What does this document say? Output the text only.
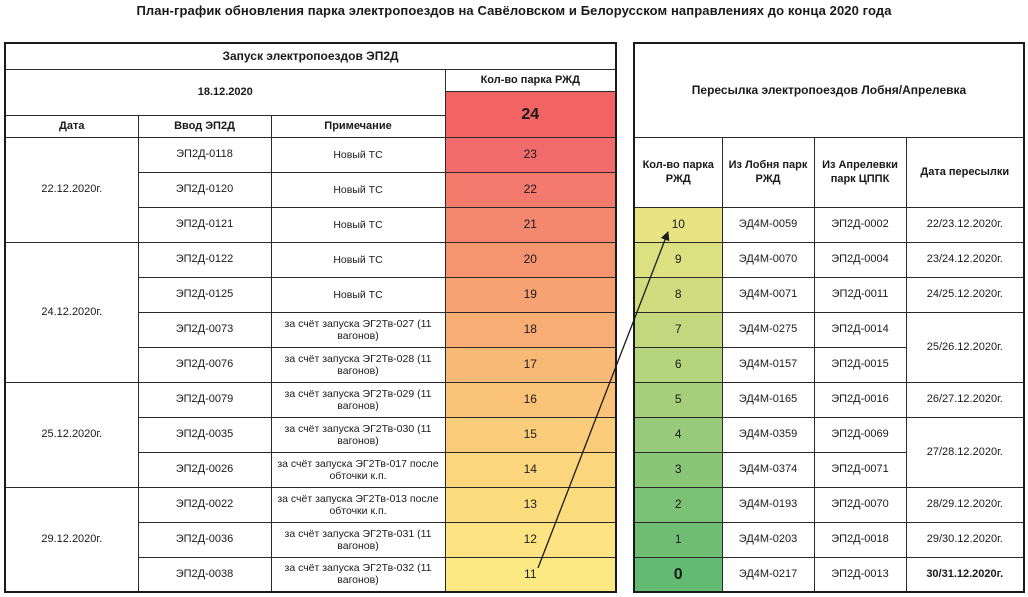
План-график обновления парка электропоездов на Савёловском и Белорусском направлениях до конца 2020 года
Запуск электропоездов ЭП2Д			
18.12.2020			Кол-во парка РЖД
			24
Дата	Ввод ЭП2Д	Примечание	
22.12.2020г.	ЭП2Д-0118	Новый ТС	23
	ЭП2Д-0120	Новый ТС	22
	ЭП2Д-0121	Новый ТС	21
24.12.2020г.	ЭП2Д-0122	Новый ТС	20
	ЭП2Д-0125	Новый ТС	19
	ЭП2Д-0073	за счёт запуска ЭГ2Тв-027 (11 вагонов)	18
	ЭП2Д-0076	за счёт запуска ЭГ2Тв-028 (11 вагонов)	17
25.12.2020г.	ЭП2Д-0079	за счёт запуска ЭГ2Тв-029 (11 вагонов)	16
	ЭП2Д-0035	за счёт запуска ЭГ2Тв-030 (11 вагонов)	15
	ЭП2Д-0026	за счёт запуска ЭГ2Тв-017 после обточки к.п.	14
29.12.2020г.	ЭП2Д-0022	за счёт запуска ЭГ2Тв-013 после обточки к.п.	13
	ЭП2Д-0036	за счёт запуска ЭГ2Тв-031 (11 вагонов)	12
	ЭП2Д-0038	за счёт запуска ЭГ2Тв-032 (11 вагонов)	11
Пересылка электропоездов Лобня/Апрелевка			
Кол-во парка РЖД	Из Лобня парк РЖД	Из Апрелевки парк ЦППК	Дата пересылки
10	ЭД4М-0059	ЭП2Д-0002	22/23.12.2020г.
9	ЭД4М-0070	ЭП2Д-0004	23/24.12.2020г.
8	ЭД4М-0071	ЭП2Д-0011	24/25.12.2020г.
7	ЭД4М-0275	ЭП2Д-0014	25/26.12.2020г.
6	ЭД4М-0157	ЭП2Д-0015	
5	ЭД4М-0165	ЭП2Д-0016	26/27.12.2020г.
4	ЭД4М-0359	ЭП2Д-0069	27/28.12.2020г.
3	ЭД4М-0374	ЭП2Д-0071	
2	ЭД4М-0193	ЭП2Д-0070	28/29.12.2020г.
1	ЭД4М-0203	ЭП2Д-0018	29/30.12.2020г.
0	ЭД4М-0217	ЭП2Д-0013	30/31.12.2020г.
